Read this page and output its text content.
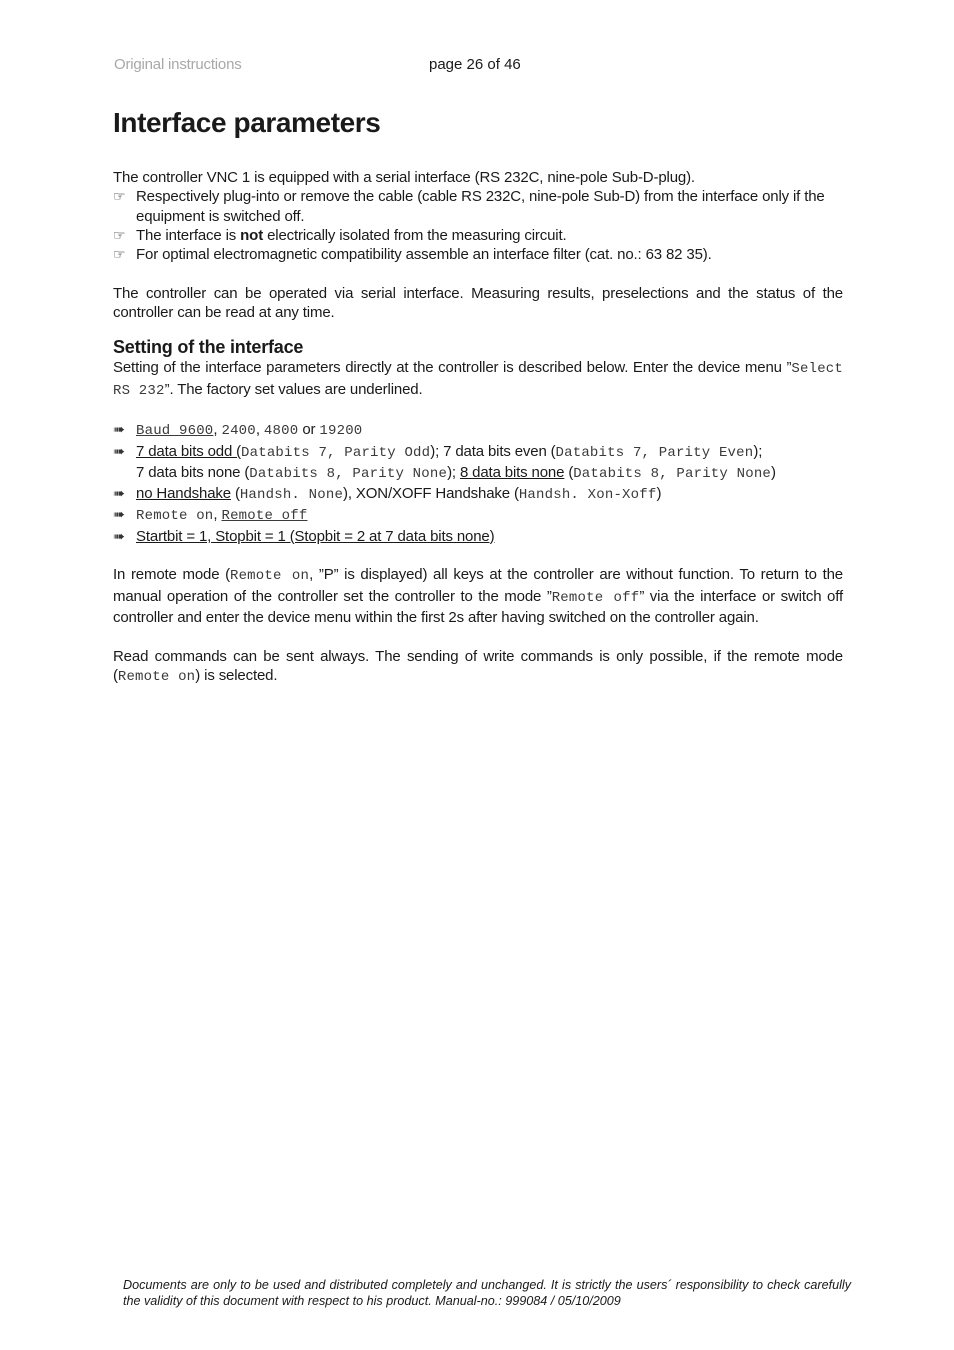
Original instructions	page 26 of 46
Interface parameters

The controller VNC 1 is equipped with a serial interface (RS 232C, nine-pole Sub-D-plug).

☞ Respectively plug-into or remove the cable (cable RS 232C, nine-pole Sub-D) from the interface only if the equipment is switched off.
☞ The interface is not electrically isolated from the measuring circuit.
☞ For optimal electromagnetic compatibility assemble an interface filter (cat. no.: 63 82 35).

The controller can be operated via serial interface. Measuring results, preselections and the status of the controller can be read at any time.

Setting of the interface

Setting of the interface parameters directly at the controller is described below. Enter the device menu ”Select RS 232”. The factory set values are underlined.

➠ Baud 9600, 2400, 4800 or 19200
➠ 7 data bits odd (Databits 7, Parity Odd); 7 data bits even (Databits 7, Parity Even);
7 data bits none (Databits 8, Parity None); 8 data bits none (Databits 8, Parity None)
➠ no Handshake (Handsh. None), XON/XOFF Handshake (Handsh. Xon-Xoff)
➠ Remote on, Remote off
➠ Startbit = 1, Stopbit = 1 (Stopbit = 2 at 7 data bits none)

In remote mode (Remote on, ”P” is displayed) all keys at the controller are without function. To return to the manual operation of the controller set the controller to the mode ”Remote off” via the interface or switch off controller and enter the device menu within the first 2s after having switched on the controller again.

Read commands can be sent always. The sending of write commands is only possible, if the remote mode (Remote on) is selected.

Documents are only to be used and distributed completely and unchanged. It is strictly the users´ responsibility to check carefully the validity of this document with respect to his product. Manual-no.: 999084 / 05/10/2009
